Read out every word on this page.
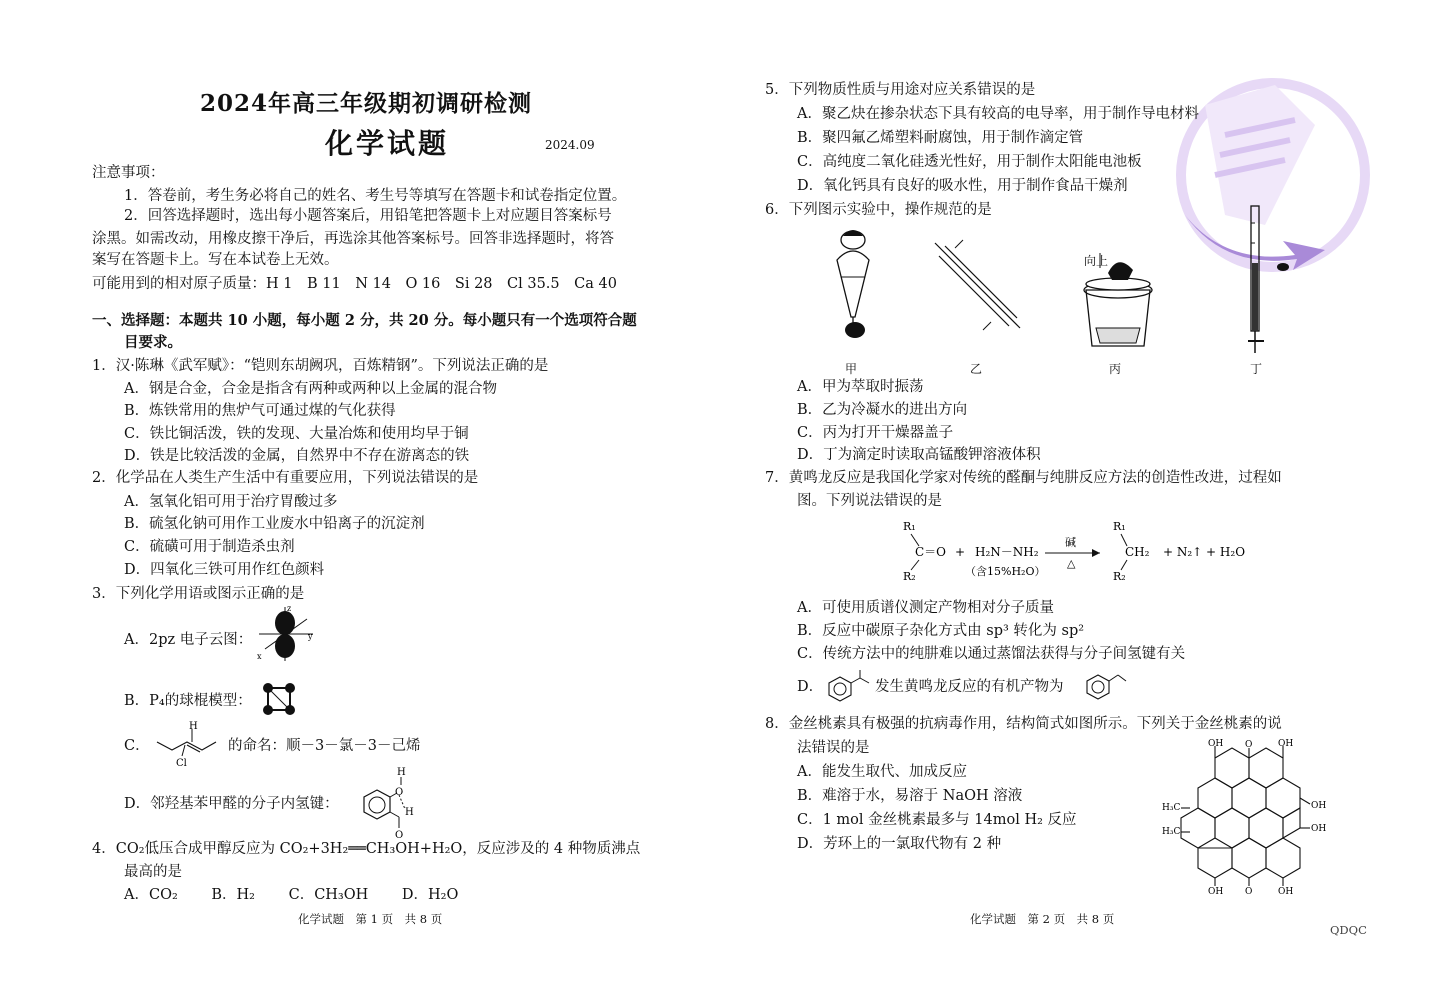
2024年高三年级期初调研检测
化学试题	2024.09
注意事项：
1．答卷前，考生务必将自己的姓名、考生号等填写在答题卡和试卷指定位置。
2．回答选择题时，选出每小题答案后，用铅笔把答题卡上对应题目答案标号
涂黑。如需改动，用橡皮擦干净后，再选涂其他答案标号。回答非选择题时，将答
案写在答题卡上。写在本试卷上无效。
可能用到的相对原子质量：H 1　B 11　N 14　O 16　Si 28　Cl 35.5　Ca 40
一、选择题：本题共 10 小题，每小题 2 分，共 20 分。每小题只有一个选项符合题
目要求。
1．汉·陈琳《武军赋》：“铠则东胡阙巩，百炼精钢”。下列说法正确的是
A．钢是合金，合金是指含有两种或两种以上金属的混合物
B．炼铁常用的焦炉气可通过煤的气化获得
C．铁比铜活泼，铁的发现、大量冶炼和使用均早于铜
D．铁是比较活泼的金属，自然界中不存在游离态的铁
2．化学品在人类生产生活中有重要应用，下列说法错误的是
A．氢氧化铝可用于治疗胃酸过多
B．硫氢化钠可用作工业废水中铅离子的沉淀剂
C．硫磺可用于制造杀虫剂
D．四氧化三铁可用作红色颜料
3．下列化学用语或图示正确的是
A．2pz 电子云图：
z
y
x
B．P₄的球棍模型：
C．
H
Cl
的命名：顺－3－氯－3－己烯
D．邻羟基苯甲醛的分子内氢键：
H
O
H
O
4．CO₂低压合成甲醇反应为 CO₂+3H₂══CH₃OH+H₂O，反应涉及的 4 种物质沸点
最高的是
A．CO₂　　 B．H₂　　 C．CH₃OH　　 D．H₂O
化学试题　第 1 页　共 8 页
5．下列物质性质与用途对应关系错误的是
A．聚乙炔在掺杂状态下具有较高的电导率，用于制作导电材料
B．聚四氟乙烯塑料耐腐蚀，用于制作滴定管
C．高纯度二氧化硅透光性好，用于制作太阳能电池板
D．氧化钙具有良好的吸水性，用于制作食品干燥剂
6．下列图示实验中，操作规范的是
甲	乙
向上
丙	丁
A．甲为萃取时振荡
B．乙为冷凝水的进出方向
C．丙为打开干燥器盖子
D．丁为滴定时读取高锰酸钾溶液体积
7．黄鸣龙反应是我国化学家对传统的醛酮与纯肼反应方法的创造性改进，过程如
图。下列说法错误的是
R₁
C＝O
R₂
+ H₂N－NH₂
（含15%H₂O）
碱
△
R₁
CH₂
R₂
+ N₂↑ + H₂O
A．可使用质谱仪测定产物相对分子质量
B．反应中碳原子杂化方式由 sp³ 转化为 sp²
C．传统方法中的纯肼难以通过蒸馏法获得与分子间氢键有关
D．	发生黄鸣龙反应的有机产物为
8．金丝桃素具有极强的抗病毒作用，结构简式如图所示。下列关于金丝桃素的说
法错误的是
A．能发生取代、加成反应
B．难溶于水，易溶于 NaOH 溶液
C．1 mol 金丝桃素最多与 14mol H₂ 反应
D．芳环上的一氯取代物有 2 种
OH O	OH
OH
OH
H₃C
H₃C
OH O	OH
化学试题　第 2 页　共 8 页
QDQC
